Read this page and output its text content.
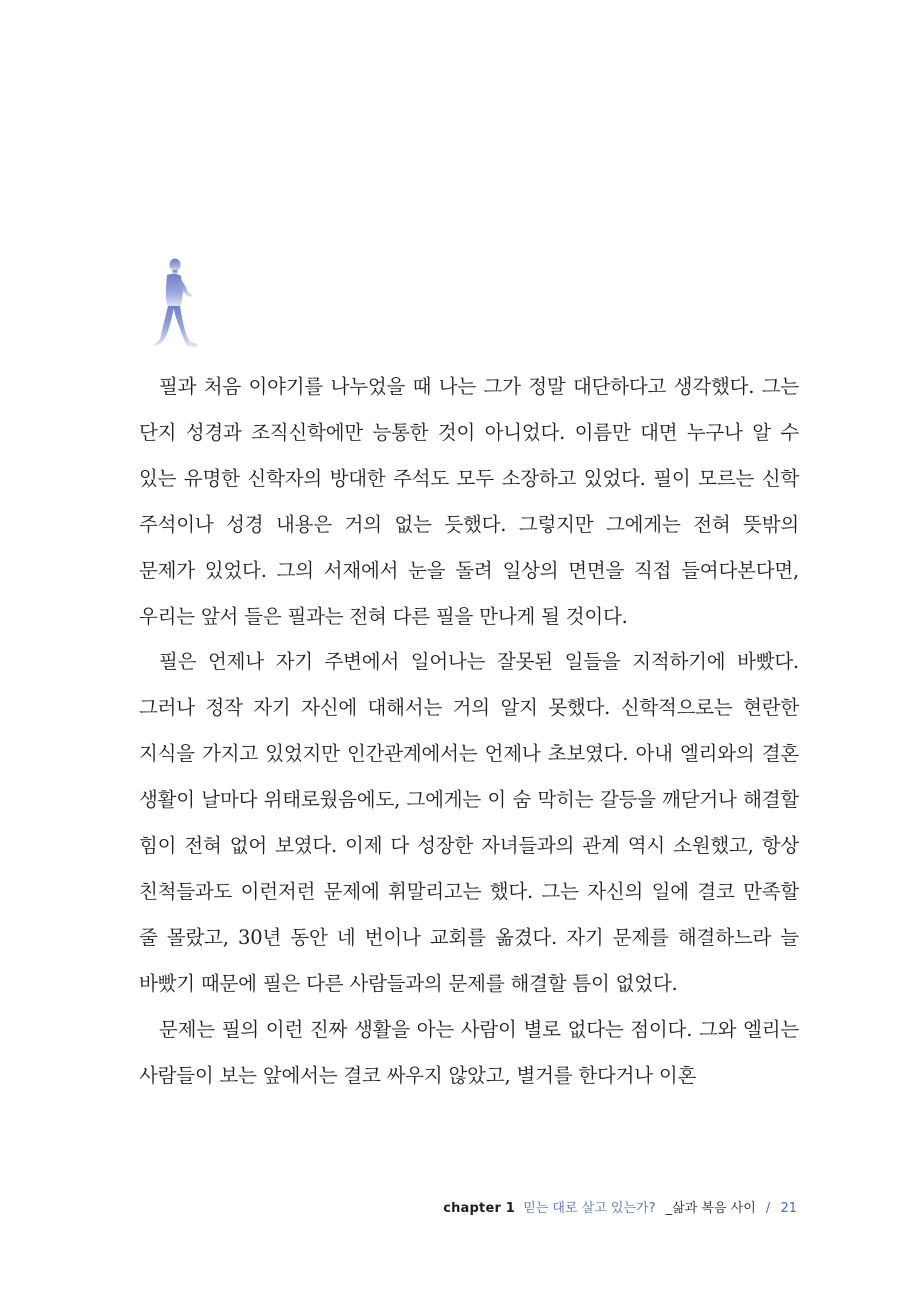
필과 처음 이야기를 나누었을 때 나는 그가 정말 대단하다고 생각했다. 그는 단지 성경과 조직신학에만 능통한 것이 아니었다. 이름만 대면 누구나 알 수 있는 유명한 신학자의 방대한 주석도 모두 소장하고 있었다. 필이 모르는 신학 주석이나 성경 내용은 거의 없는 듯했다. 그렇지만 그에게는 전혀 뜻밖의 문제가 있었다. 그의 서재에서 눈을 돌려 일상의 면면을 직접 들여다본다면, 우리는 앞서 들은 필과는 전혀 다른 필을 만나게 될 것이다.

필은 언제나 자기 주변에서 일어나는 잘못된 일들을 지적하기에 바빴다. 그러나 정작 자기 자신에 대해서는 거의 알지 못했다. 신학적으로는 현란한 지식을 가지고 있었지만 인간관계에서는 언제나 초보였다. 아내 엘리와의 결혼 생활이 날마다 위태로웠음에도, 그에게는 이 숨 막히는 갈등을 깨닫거나 해결할 힘이 전혀 없어 보였다. 이제 다 성장한 자녀들과의 관계 역시 소원했고, 항상 친척들과도 이런저런 문제에 휘말리고는 했다. 그는 자신의 일에 결코 만족할 줄 몰랐고, 30년 동안 네 번이나 교회를 옮겼다. 자기 문제를 해결하느라 늘 바빴기 때문에 필은 다른 사람들과의 문제를 해결할 틈이 없었다.

문제는 필의 이런 진짜 생활을 아는 사람이 별로 없다는 점이다. 그와 엘리는 사람들이 보는 앞에서는 결코 싸우지 않았고, 별거를 한다거나 이혼

chapter 1 믿는 대로 살고 있는가? _삶과 복음 사이 / 21
